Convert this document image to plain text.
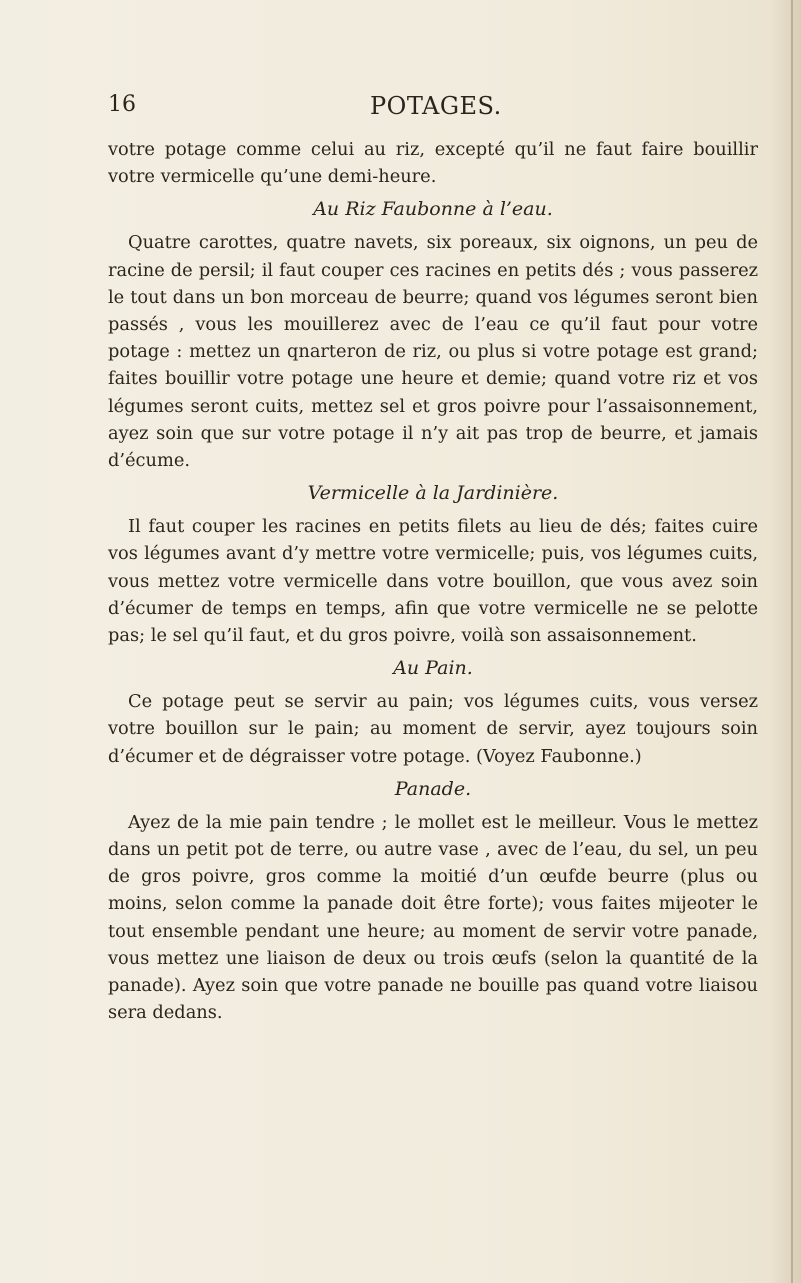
16	POTAGES.

votre potage comme celui au riz, excepté qu’il ne faut faire bouillir votre vermicelle qu’une demi-heure.

Au Riz Faubonne à l’eau.

Quatre carottes, quatre navets, six poreaux, six oignons, un peu de racine de persil; il faut couper ces racines en petits dés ; vous passerez le tout dans un bon morceau de beurre; quand vos légumes seront bien passés , vous les mouillerez avec de l’eau ce qu’il faut pour votre potage : mettez un qnarteron de riz, ou plus si votre potage est grand; faites bouillir votre potage une heure et demie; quand votre riz et vos légumes seront cuits, mettez sel et gros poivre pour l’assaisonnement, ayez soin que sur votre potage il n’y ait pas trop de beurre, et jamais d’écume.

Vermicelle à la Jardinière.

Il faut couper les racines en petits filets au lieu de dés; faites cuire vos légumes avant d’y mettre votre vermicelle; puis, vos légumes cuits, vous mettez votre vermicelle dans votre bouillon, que vous avez soin d’écumer de temps en temps, afin que votre vermicelle ne se pelotte pas; le sel qu’il faut, et du gros poivre, voilà son assaisonnement.

Au Pain.

Ce potage peut se servir au pain; vos légumes cuits, vous versez votre bouillon sur le pain; au moment de servir, ayez toujours soin d’écumer et de dégraisser votre potage. (Voyez Faubonne.)

Panade.

Ayez de la mie pain tendre ; le mollet est le meilleur. Vous le mettez dans un petit pot de terre, ou autre vase , avec de l’eau, du sel, un peu de gros poivre, gros comme la moitié d’un œufde beurre (plus ou moins, selon comme la panade doit être forte); vous faites mijeoter le tout ensemble pendant une heure; au moment de servir votre panade, vous mettez une liaison de deux ou trois œufs (selon la quantité de la panade). Ayez soin que votre panade ne bouille pas quand votre liaisou sera dedans.
